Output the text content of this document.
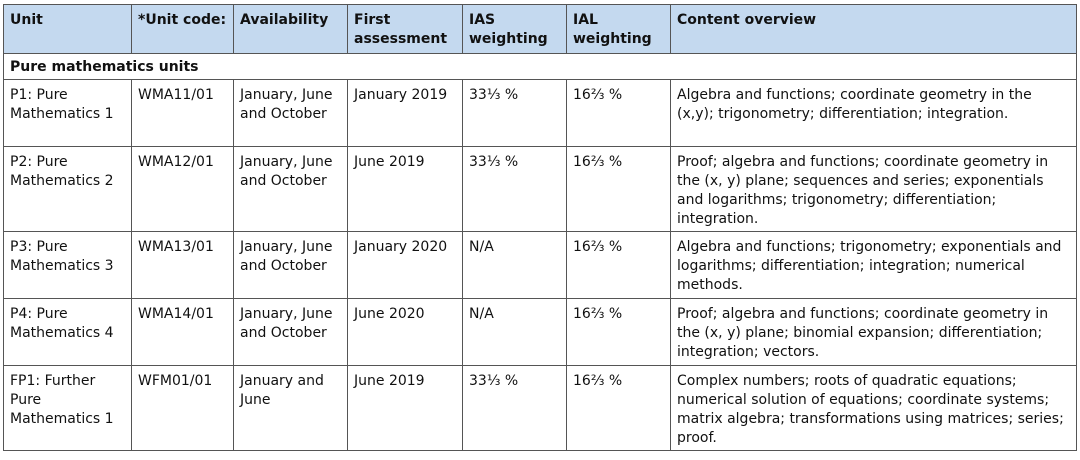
Unit	*Unit code:	Availability	First assessment	IAS weighting	IAL weighting	Content overview
Pure mathematics units						
P1: Pure Mathematics 1	WMA11/01	January, June and October	January 2019	33⅓ %	16⅔ %	Algebra and functions; coordinate geometry in the (x,y); trigonometry; differentiation; integration.
P2: Pure Mathematics 2	WMA12/01	January, June and October	June 2019	33⅓ %	16⅔ %	Proof; algebra and functions; coordinate geometry in the (x, y) plane; sequences and series; exponentials and logarithms; trigonometry; differentiation; integration.
P3: Pure Mathematics 3	WMA13/01	January, June and October	January 2020	N/A	16⅔ %	Algebra and functions; trigonometry; exponentials and logarithms; differentiation; integration; numerical methods.
P4: Pure Mathematics 4	WMA14/01	January, June and October	June 2020	N/A	16⅔ %	Proof; algebra and functions; coordinate geometry in the (x, y) plane; binomial expansion; differentiation; integration; vectors.
FP1: Further Pure Mathematics 1	WFM01/01	January and June	June 2019	33⅓ %	16⅔ %	Complex numbers; roots of quadratic equations; numerical solution of equations; coordinate systems; matrix algebra; transformations using matrices; series; proof.
